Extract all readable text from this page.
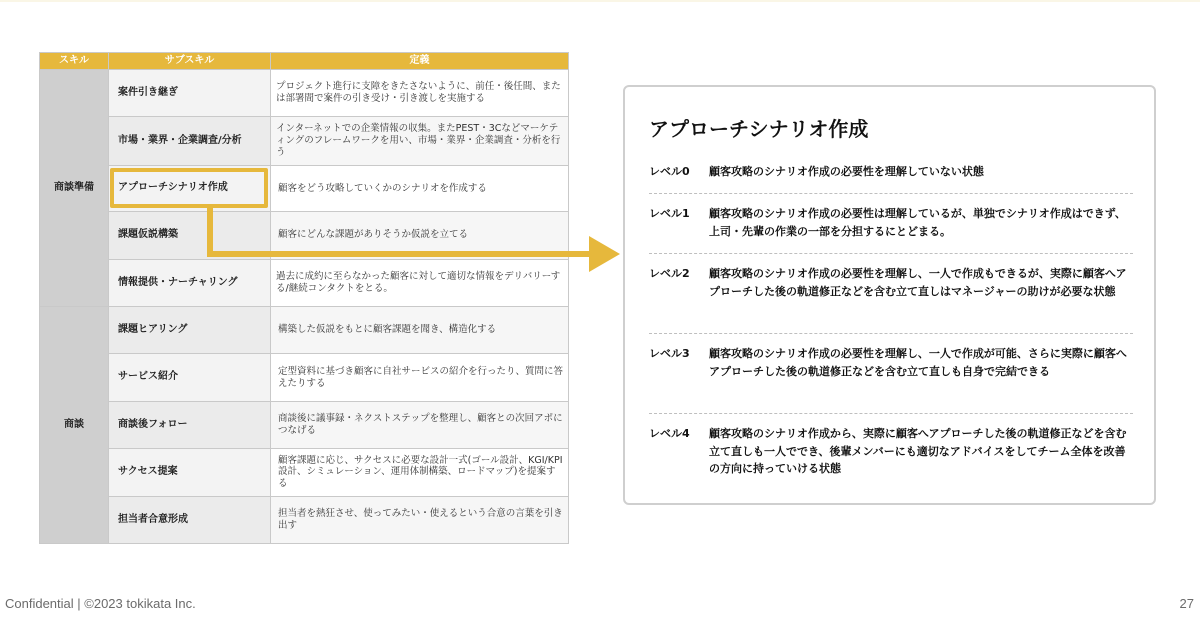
スキル	サブスキル	定義
商談準備	案件引き継ぎ	プロジェクト進行に支障をきたさないように、前任・後任間、または部署間で案件の引き受け・引き渡しを実施する
	市場・業界・企業調査/分析	インターネットでの企業情報の収集。またPEST・3Cなどマーケティングのフレームワークを用い、市場・業界・企業調査・分析を行う
	アプローチシナリオ作成	顧客をどう攻略していくかのシナリオを作成する
	課題仮説構築	顧客にどんな課題がありそうか仮説を立てる
	情報提供・ナーチャリング	過去に成約に至らなかった顧客に対して適切な情報をデリバリーする/継続コンタクトをとる。
商談	課題ヒアリング	構築した仮説をもとに顧客課題を聞き、構造化する
	サービス紹介	定型資料に基づき顧客に自社サービスの紹介を行ったり、質問に答えたりする
	商談後フォロー	商談後に議事録・ネクストステップを整理し、顧客との次回アポにつなげる
	サクセス提案	顧客課題に応じ、サクセスに必要な設計一式(ゴール設計、KGI/KPI設計、シミュレーション、運用体制構築、ロードマップ)を提案する
	担当者合意形成	担当者を熱狂させ、使ってみたい・使えるという合意の言葉を引き出す
アプローチシナリオ作成
レベル0 顧客攻略のシナリオ作成の必要性を理解していない状態
レベル1 顧客攻略のシナリオ作成の必要性は理解しているが、単独でシナリオ作成はできず、上司・先輩の作業の一部を分担するにとどまる。
レベル2 顧客攻略のシナリオ作成の必要性を理解し、一人で作成もできるが、実際に顧客へアプローチした後の軌道修正などを含む立て直しはマネージャーの助けが必要な状態
レベル3 顧客攻略のシナリオ作成の必要性を理解し、一人で作成が可能、さらに実際に顧客へアプローチした後の軌道修正などを含む立て直しも自身で完結できる
レベル4 顧客攻略のシナリオ作成から、実際に顧客へアプローチした後の軌道修正などを含む立て直しも一人ででき、後輩メンバーにも適切なアドバイスをしてチーム全体を改善の方向に持っていける状態
Confidential | ©2023 tokikata Inc.	27
